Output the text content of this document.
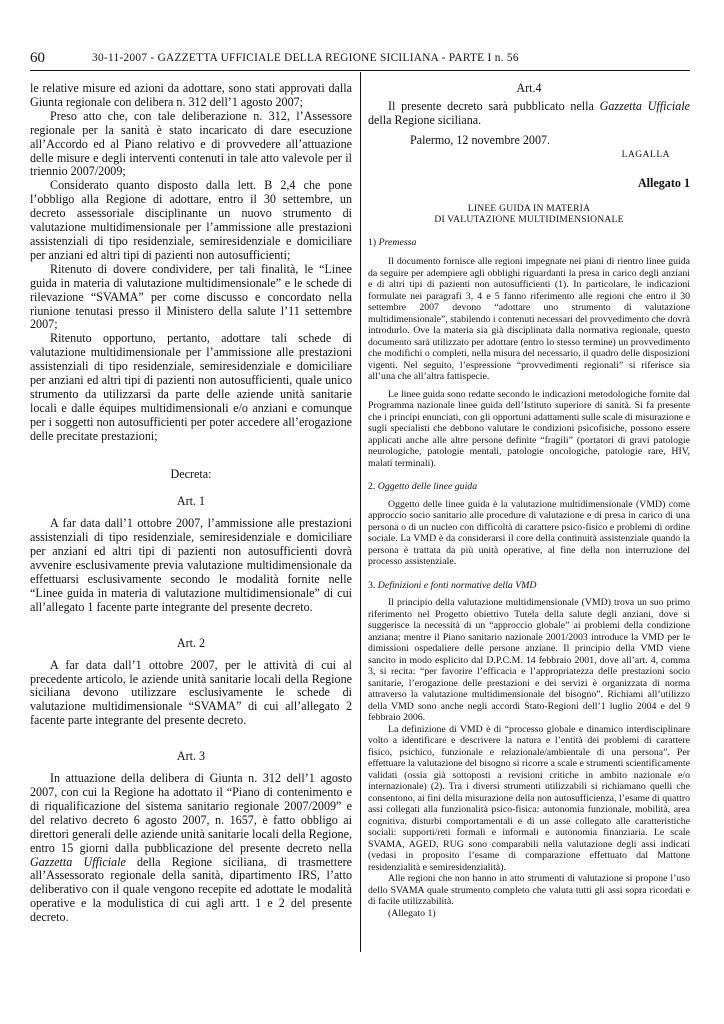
60	30-11-2007 - GAZZETTA UFFICIALE DELLA REGIONE SICILIANA - PARTE I n. 56

le relative misure ed azioni da adottare, sono stati approvati dalla Giunta regionale con delibera n. 312 dell’1 agosto 2007;

Preso atto che, con tale deliberazione n. 312, l’Assessore regionale per la sanità è stato incaricato di dare esecuzione all’Accordo ed al Piano relativo e di provvedere all’attuazione delle misure e degli interventi contenuti in tale atto valevole per il triennio 2007/2009;

Considerato quanto disposto dalla lett. B 2,4 che pone l’obbligo alla Regione di adottare, entro il 30 settembre, un decreto assessoriale disciplinante un nuovo strumento di valutazione multidimensionale per l’ammissione alle prestazioni assistenziali di tipo residenziale, semiresidenziale e domiciliare per anziani ed altri tipi di pazienti non autosufficienti;

Ritenuto di dovere condividere, per tali finalità, le “Linee guida in materia di valutazione multidimensionale” e le schede di rilevazione “SVAMA” per come discusso e concordato nella riunione tenutasi presso il Ministero della salute l’11 settembre 2007;

Ritenuto opportuno, pertanto, adottare tali schede di valutazione multidimensionale per l’ammissione alle prestazioni assistenziali di tipo residenziale, semiresidenziale e domiciliare per anziani ed altri tipi di pazienti non autosufficienti, quale unico strumento da utilizzarsi da parte delle aziende unità sanitarie locali e dalle équipes multidimensionali e/o anziani e comunque per i soggetti non autosufficienti per poter accedere all’erogazione delle precitate prestazioni;

Decreta:

Art. 1

A far data dall’1 ottobre 2007, l’ammissione alle prestazioni assistenziali di tipo residenziale, semiresidenziale e domiciliare per anziani ed altri tipi di pazienti non autosufficienti dovrà avvenire esclusivamente previa valutazione multidimensionale da effettuarsi esclusivamente secondo le modalità fornite nelle “Linee guida in materia di valutazione multidimensionale” di cui all’allegato 1 facente parte integrante del presente decreto.

Art. 2

A far data dall’1 ottobre 2007, per le attività di cui al precedente articolo, le aziende unità sanitarie locali della Regione siciliana devono utilizzare esclusivamente le schede di valutazione multidimensionale “SVAMA” di cui all’allegato 2 facente parte integrante del presente decreto.

Art. 3

In attuazione della delibera di Giunta n. 312 dell’1 agosto 2007, con cui la Regione ha adottato il “Piano di contenimento e di riqualificazione del sistema sanitario regionale 2007/2009” e del relativo decreto 6 agosto 2007, n. 1657, è fatto obbligo ai direttori generali delle aziende unità sanitarie locali della Regione, entro 15 giorni dalla pubblicazione del presente decreto nella Gazzetta Ufficiale della Regione siciliana, di trasmettere all’Assessorato regionale della sanità, dipartimento IRS, l’atto deliberativo con il quale vengono recepite ed adottate le modalità operative e la modulistica di cui agli artt. 1 e 2 del presente decreto.

Art.4

Il presente decreto sarà pubblicato nella Gazzetta Ufficiale della Regione siciliana.

Palermo, 12 novembre 2007.

LAGALLA

Allegato 1

LINEE GUIDA IN MATERIA

DI VALUTAZIONE MULTIDIMENSIONALE

1) Premessa

Il documento fornisce alle regioni impegnate nei piani di rientro linee guida da seguire per adempiere agli obblighi riguardanti la presa in carico degli anziani e di altri tipi di pazienti non autosufficienti (1). In particolare, le indicazioni formulate nei paragrafi 3, 4 e 5 fanno riferimento alle regioni che entro il 30 settembre 2007 devono “adottare uno strumento di valutazione multidimensionale”, stabilendo i contenuti necessari del provvedimento che dovrà introdurlo. Ove la materia sia già disciplinata dalla normativa regionale, questo documento sarà utilizzato per adottare (entro lo stesso termine) un provvedimento che modifichi o completi, nella misura del necessario, il quadro delle disposizioni vigenti. Nel seguito, l’espressione “provvedimenti regionali” si riferisce sia all’una che all’altra fattispecie.

Le linee guida sono redatte secondo le indicazioni metodologiche fornite dal Programma nazionale linee guida dell’Istituto superiore di sanità. Si fa presente che i principi enunciati, con gli opportuni adattamenti sulle scale di misurazione e sugli specialisti che debbono valutare le condizioni psicofisiche, possono essere applicati anche alle altre persone definite “fragili” (portatori di gravi patologie neurologiche, patologie mentali, patologie oncologiche, patologie rare, HIV, malati terminali).

2. Oggetto delle linee guida

Oggetto delle linee guida è la valutazione multidimensionale (VMD) come approccio socio sanitario alle procedure di valutazione e di presa in carico di una persona o di un nucleo con difficoltà di carattere psico-fisico e problemi di ordine sociale. La VMD è da considerarsi il core della continuità assistenziale quando la persona è trattata da più unità operative, al fine della non interruzione del processo assistenziale.

3. Definizioni e fonti normative della VMD

Il principio della valutazione multidimensionale (VMD) trova un suo primo riferimento nel Progetto obiettivo Tutela della salute degli anziani, dove si suggerisce la necessità di un “approccio globale” ai problemi della condizione anziana; mentre il Piano sanitario nazionale 2001/2003 introduce la VMD per le dimissioni ospedaliere delle persone anziane. Il principio della VMD viene sancito in modo esplicito dal D.P.C.M. 14 febbraio 2001, dove all’art. 4, comma 3, si recita: “per favorire l’efficacia e l’appropriatezza delle prestazioni socio sanitarie, l’erogazione delle prestazioni e dei servizi è organizzata di norma attraverso la valutazione multidimensionale del bisogno”. Richiami all’utilizzo della VMD sono anche negli accordi Stato-Regioni dell’1 luglio 2004 e del 9 febbraio 2006.

La definizione di VMD è di “processo globale e dinamico interdisciplinare volto a identificare e descrivere la natura e l’entità dei problemi di carattere fisico, psichico, funzionale e relazionale/ambientale di una persona”. Per effettuare la valutazione del bisogno si ricorre a scale e strumenti scientificamente validati (ossia già sottoposti a revisioni critiche in ambito nazionale e/o internazionale) (2). Tra i diversi strumenti utilizzabili si richiamano quelli che consentono, ai fini della misurazione della non autosufficienza, l’esame di quattro assi collegati alla funzionalità psico-fisica: autonomia funzionale, mobilità, area cognitiva, disturbi comportamentali e di un asse collegato alle caratteristiche sociali: supporti/reti formali e informali e autonomia finanziaria. Le scale SVAMA, AGED, RUG sono comparabili nella valutazione degli assi indicati (vedasi in proposito l’esame di comparazione effettuato dal Mattone residenzialità e semiresidenzialità).

Alle regioni che non hanno in atto strumenti di valutazione si propone l’uso dello SVAMA quale strumento completo che valuta tutti gli assi sopra ricordati e di facile utilizzabilità.

(Allegato 1)
